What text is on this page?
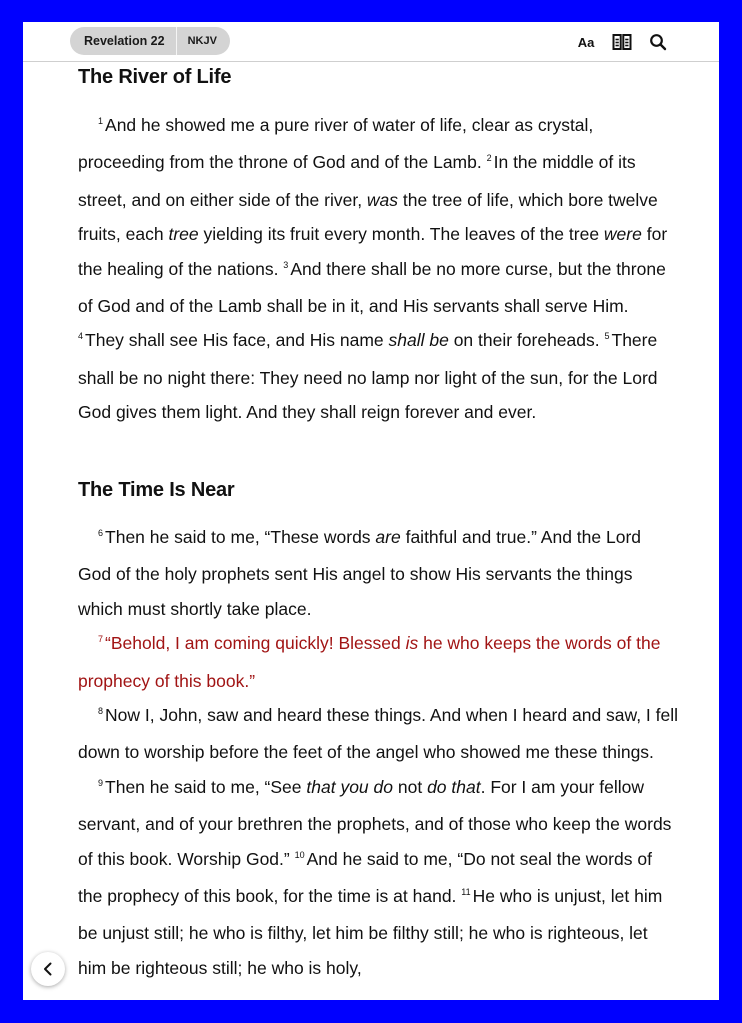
Revelation 22	NKJV	Aa
The River of Life

$^1$ And he showed me a pure river of water of life, clear as crystal, proceeding from the throne of God and of the Lamb. $^2$ In the middle of its street, and on either side of the river, was the tree of life, which bore twelve fruits, each tree yielding its fruit every month. The leaves of the tree were for the healing of the nations. $^3$ And there shall be no more curse, but the throne of God and of the Lamb shall be in it, and His servants shall serve Him. $^4$ They shall see His face, and His name shall be on their foreheads. $^5$ There shall be no night there: They need no lamp nor light of the sun, for the Lord God gives them light. And they shall reign forever and ever.

The Time Is Near

$^6$ Then he said to me, “These words are faithful and true.” And the Lord God of the holy prophets sent His angel to show His servants the things which must shortly take place.

$^7$ “Behold, I am coming quickly! Blessed is he who keeps the words of the prophecy of this book.”

$^8$ Now I, John, saw and heard these things. And when I heard and saw, I fell down to worship before the feet of the angel who showed me these things.

$^9$ Then he said to me, “See that you do not do that. For I am your fellow servant, and of your brethren the prophets, and of those who keep the words of this book. Worship God.” $^{10}$ And he said to me, “Do not seal the words of the prophecy of this book, for the time is at hand. $^{11}$ He who is unjust, let him be unjust still; he who is filthy, let him be filthy still; he who is righteous, let him be righteous still; he who is holy,
